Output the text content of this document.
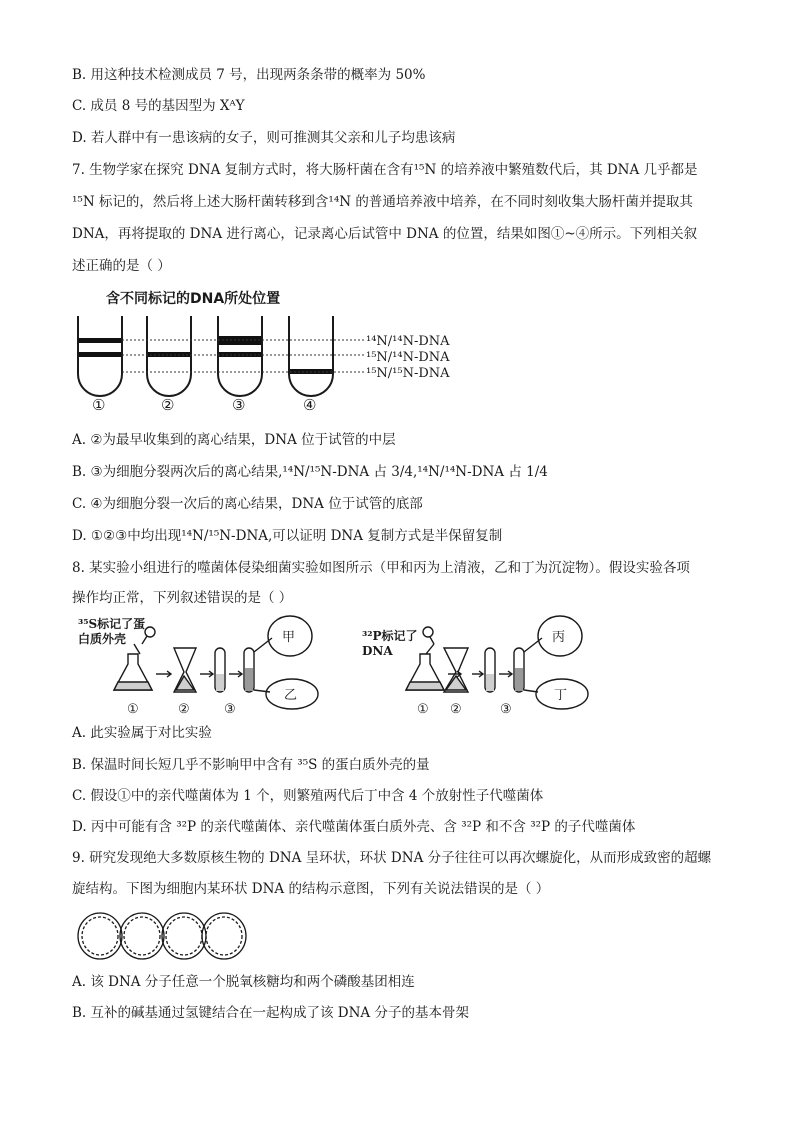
B. 用这种技术检测成员 7 号，出现两条条带的概率为 50%
C. 成员 8 号的基因型为 XᴬY
D. 若人群中有一患该病的女子，则可推测其父亲和儿子均患该病
7. 生物学家在探究 DNA 复制方式时，将大肠杆菌在含有¹⁵N 的培养液中繁殖数代后，其 DNA 几乎都是
¹⁵N 标记的，然后将上述大肠杆菌转移到含¹⁴N 的普通培养液中培养，在不同时刻收集大肠杆菌并提取其
DNA，再将提取的 DNA 进行离心，记录离心后试管中 DNA 的位置，结果如图①~④所示。下列相关叙
述正确的是（ ）
含不同标记的DNA所处位置
¹⁴N/¹⁴N-DNA
¹⁵N/¹⁴N-DNA
¹⁵N/¹⁵N-DNA
①	②	③	④
A. ②为最早收集到的离心结果，DNA 位于试管的中层
B. ③为细胞分裂两次后的离心结果,¹⁴N/¹⁵N-DNA 占 3/4,¹⁴N/¹⁴N-DNA 占 1/4
C. ④为细胞分裂一次后的离心结果，DNA 位于试管的底部
D. ①②③中均出现¹⁴N/¹⁵N-DNA,可以证明 DNA 复制方式是半保留复制
8. 某实验小组进行的噬菌体侵染细菌实验如图所示（甲和丙为上清液，乙和丁为沉淀物）。假设实验各项
操作均正常，下列叙述错误的是（ ）
³⁵S标记了蛋
白质外壳	甲
乙
①	②	③
³²P标记了
DNA
丙
丁
① ②	③
A. 此实验属于对比实验
B. 保温时间长短几乎不影响甲中含有 ³⁵S 的蛋白质外壳的量
C. 假设①中的亲代噬菌体为 1 个，则繁殖两代后丁中含 4 个放射性子代噬菌体
D. 丙中可能有含 ³²P 的亲代噬菌体、亲代噬菌体蛋白质外壳、含 ³²P 和不含 ³²P 的子代噬菌体
9. 研究发现绝大多数原核生物的 DNA 呈环状，环状 DNA 分子往往可以再次螺旋化，从而形成致密的超螺
旋结构。下图为细胞内某环状 DNA 的结构示意图，下列有关说法错误的是（ ）
A. 该 DNA 分子任意一个脱氧核糖均和两个磷酸基团相连
B. 互补的碱基通过氢键结合在一起构成了该 DNA 分子的基本骨架
